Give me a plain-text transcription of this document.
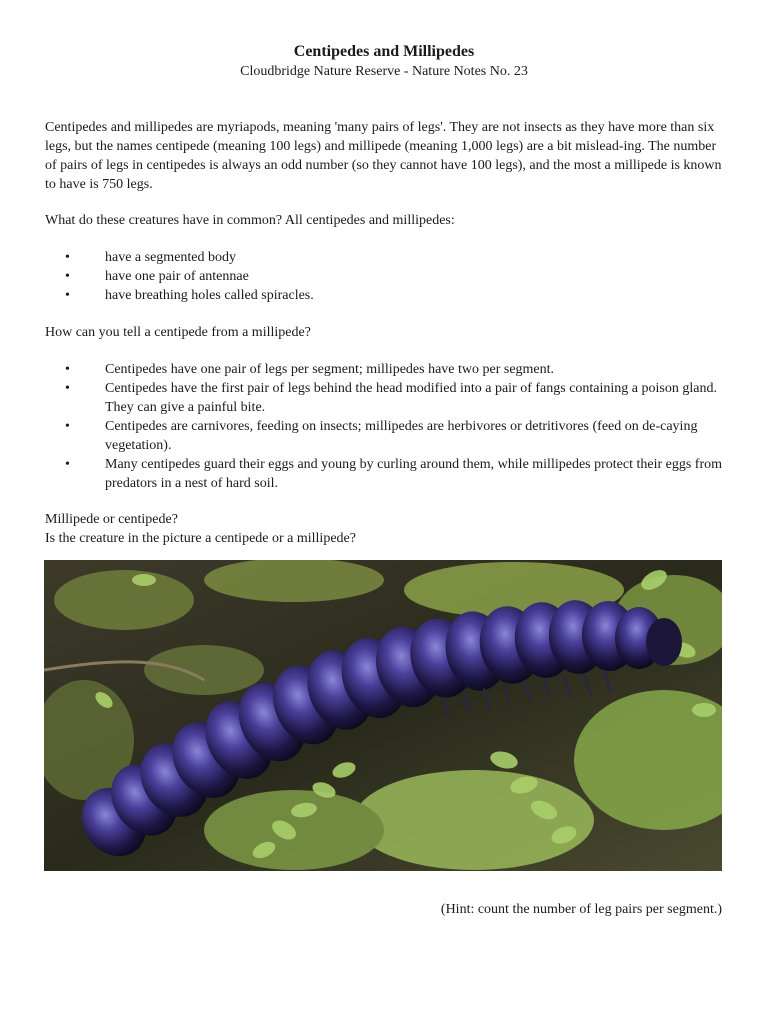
Centipedes and Millipedes
Cloudbridge Nature Reserve - Nature Notes No. 23

Centipedes and millipedes are myriapods, meaning 'many pairs of legs'. They are not insects as they have more than six legs, but the names centipede (meaning 100 legs) and millipede (meaning 1,000 legs) are a bit mislead-ing. The number of pairs of legs in centipedes is always an odd number (so they cannot have 100 legs), and the most a millipede is known to have is 750 legs.

What do these creatures have in common? All centipedes and millipedes:

•	have a segmented body
•	have one pair of antennae
•	have breathing holes called spiracles.

How can you tell a centipede from a millipede?

•	Centipedes have one pair of legs per segment; millipedes have two per segment.
•	Centipedes have the first pair of legs behind the head modified into a pair of fangs containing a poison gland. They can give a painful bite.
•	Centipedes are carnivores, feeding on insects; millipedes are herbivores or detritivores (feed on de-caying vegetation).
•	Many centipedes guard their eggs and young by curling around them, while millipedes protect their eggs from predators in a nest of hard soil.

Millipede or centipede?

Is the creature in the picture a centipede or a millipede?

(Hint: count the number of leg pairs per segment.)
